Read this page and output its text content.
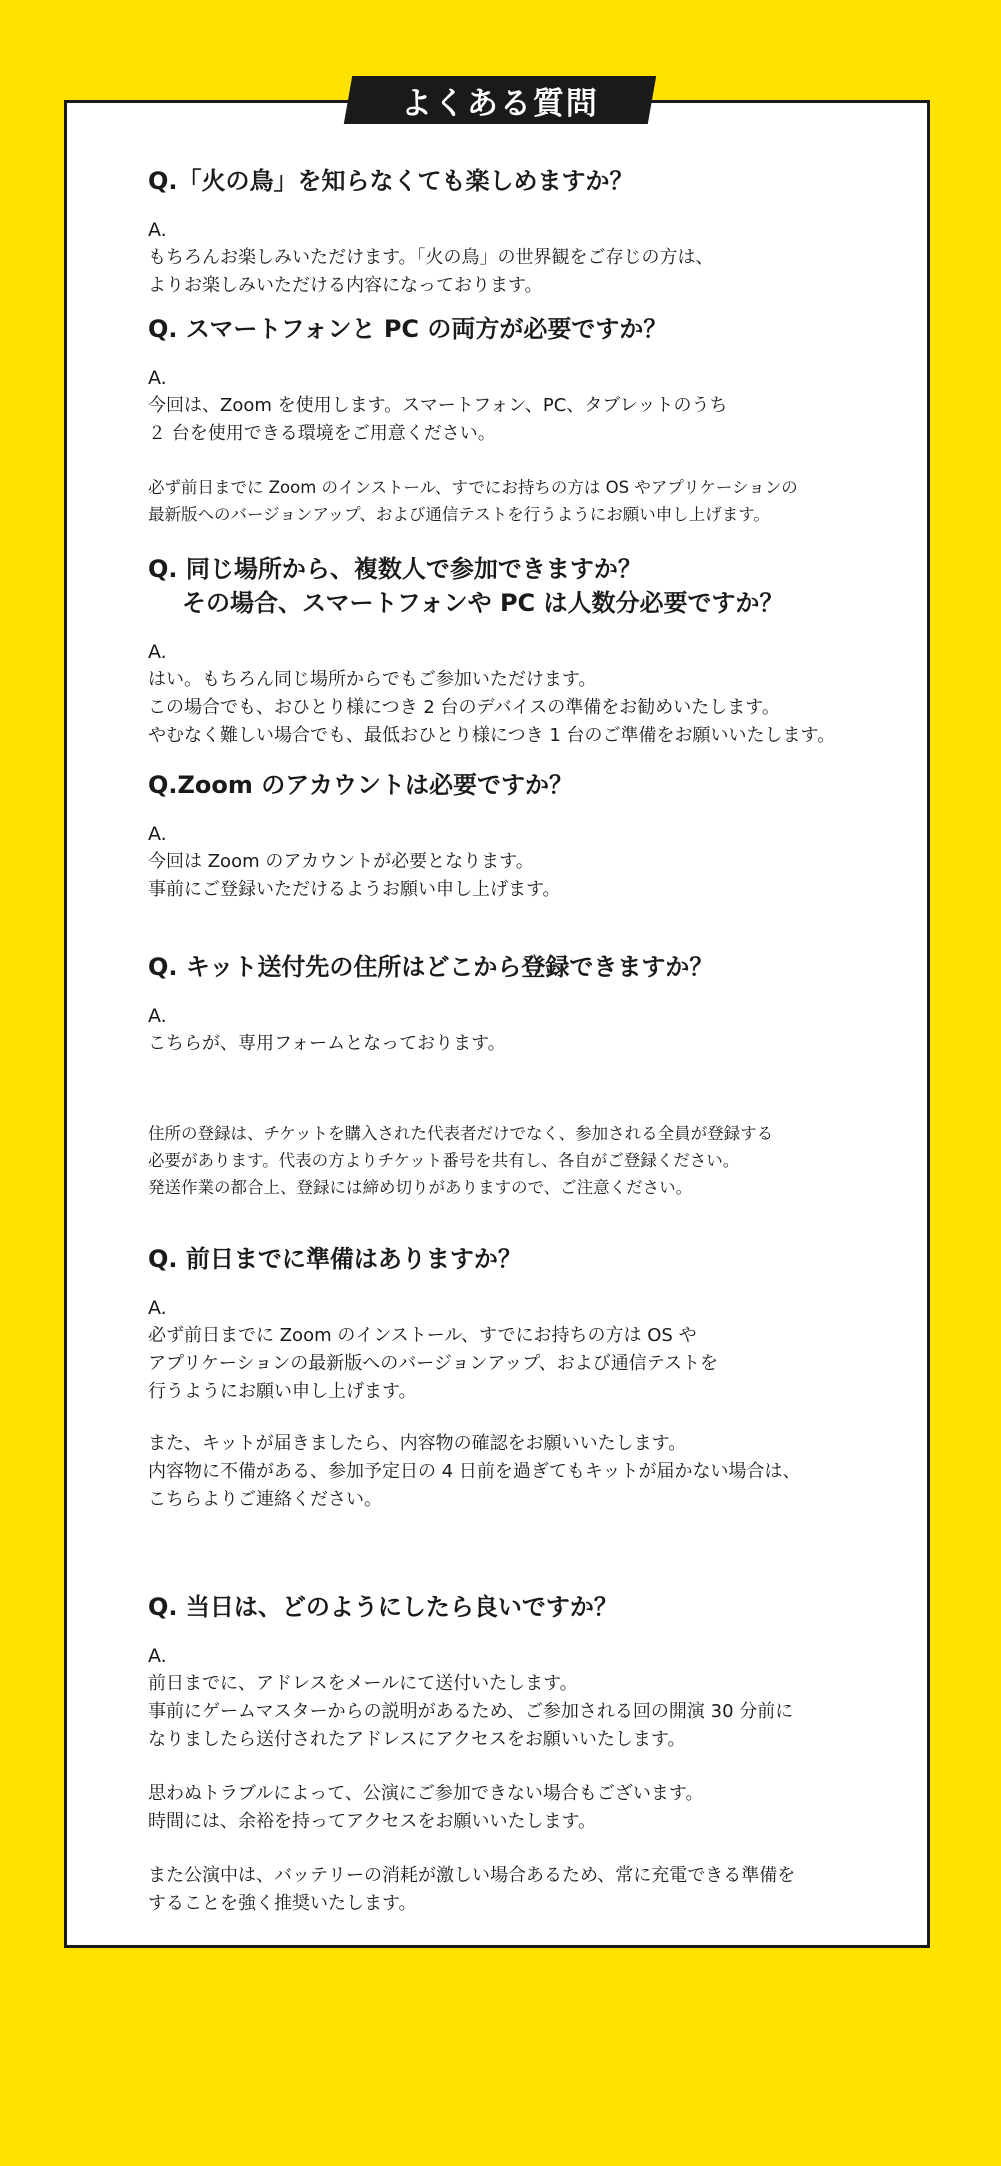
よくある質問
Q.「火の鳥」を知らなくても楽しめますか？
A.

もちろんお楽しみいただけます。「火の鳥」の世界観をご存じの方は、
よりお楽しみいただける内容になっております。

Q. スマートフォンと PC の両方が必要ですか？
A.

今回は、Zoom を使用します。スマートフォン、PC、タブレットのうち
２ 台を使用できる環境をご用意ください。

必ず前日までに Zoom のインストール、すでにお持ちの方は OS やアプリケーションの
最新版へのバージョンアップ、および通信テストを行うようにお願い申し上げます。

Q. 同じ場所から、複数人で参加できますか？
その場合、スマートフォンや PC は人数分必要ですか？
A.

はい。もちろん同じ場所からでもご参加いただけます。
この場合でも、おひとり様につき 2 台のデバイスの準備をお勧めいたします。
やむなく難しい場合でも、最低おひとり様につき 1 台のご準備をお願いいたします。

Q.Zoom のアカウントは必要ですか？
A.

今回は Zoom のアカウントが必要となります。
事前にご登録いただけるようお願い申し上げます。

Q. キット送付先の住所はどこから登録できますか？
A.

こちらが、専用フォームとなっております。

住所の登録は、チケットを購入された代表者だけでなく、参加される全員が登録する
必要があります。代表の方よりチケット番号を共有し、各自がご登録ください。
発送作業の都合上、登録には締め切りがありますので、ご注意ください。

Q. 前日までに準備はありますか？
A.

必ず前日までに Zoom のインストール、すでにお持ちの方は OS や
アプリケーションの最新版へのバージョンアップ、および通信テストを
行うようにお願い申し上げます。

また、キットが届きましたら、内容物の確認をお願いいたします。
内容物に不備がある、参加予定日の 4 日前を過ぎてもキットが届かない場合は、
こちらよりご連絡ください。

Q. 当日は、どのようにしたら良いですか？
A.

前日までに、アドレスをメールにて送付いたします。
事前にゲームマスターからの説明があるため、ご参加される回の開演 30 分前に
なりましたら送付されたアドレスにアクセスをお願いいたします。

思わぬトラブルによって、公演にご参加できない場合もございます。
時間には、余裕を持ってアクセスをお願いいたします。

また公演中は、バッテリーの消耗が激しい場合あるため、常に充電できる準備を
することを強く推奨いたします。
